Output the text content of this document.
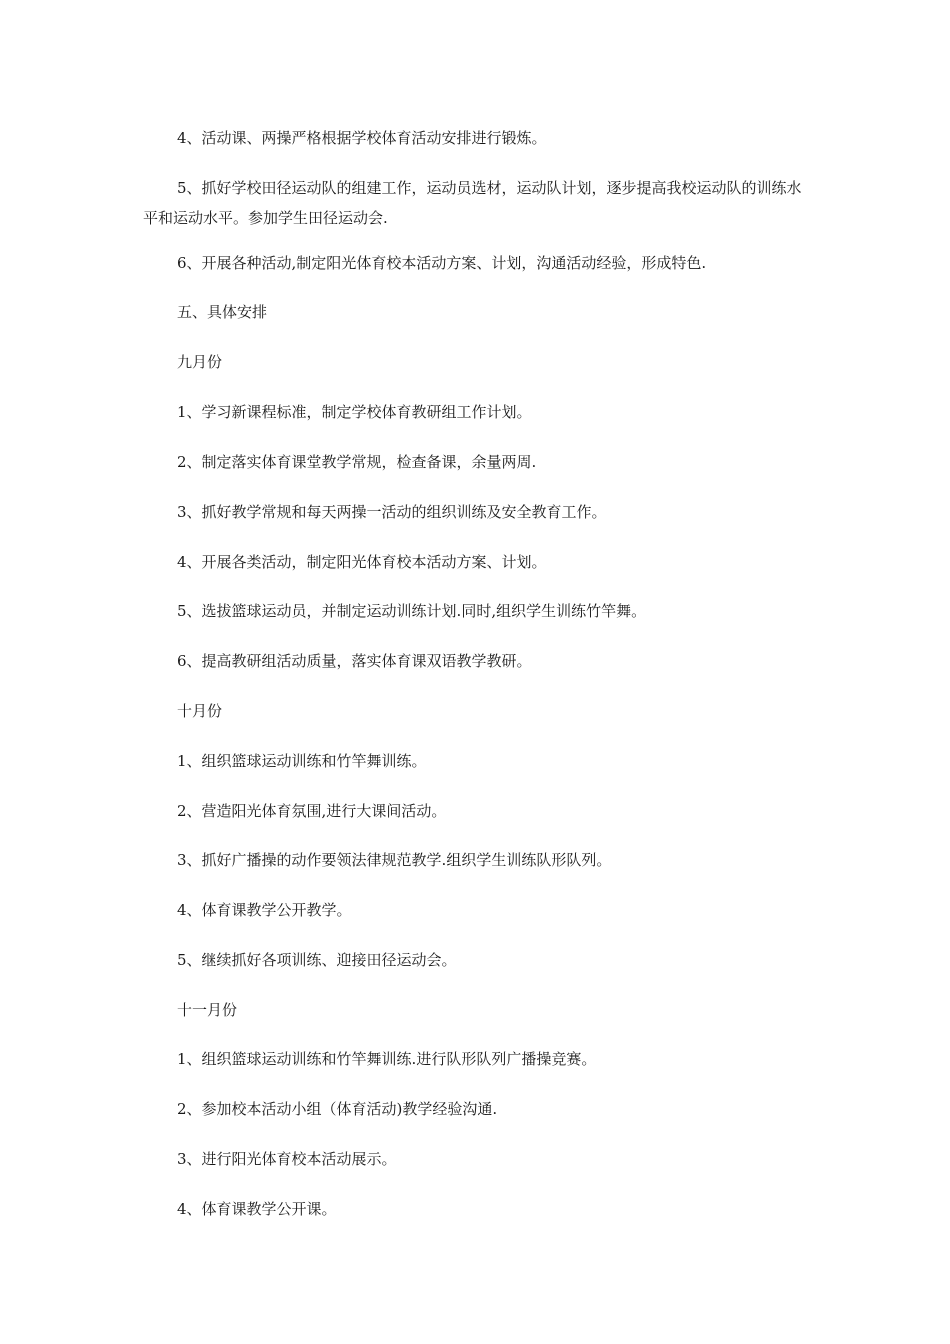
4、活动课、两操严格根据学校体育活动安排进行锻炼。

5、抓好学校田径运动队的组建工作，运动员选材，运动队计划，逐步提高我校运动队的训练水平和运动水平。参加学生田径运动会.

6、开展各种活动,制定阳光体育校本活动方案、计划，沟通活动经验，形成特色.

五、具体安排

九月份

1、学习新课程标准，制定学校体育教研组工作计划。

2、制定落实体育课堂教学常规，检查备课，余量两周.

3、抓好教学常规和每天两操一活动的组织训练及安全教育工作。

4、开展各类活动，制定阳光体育校本活动方案、计划。

5、选拔篮球运动员，并制定运动训练计划.同时,组织学生训练竹竿舞。

6、提高教研组活动质量，落实体育课双语教学教研。

十月份

1、组织篮球运动训练和竹竿舞训练。

2、营造阳光体育氛围,进行大课间活动。

3、抓好广播操的动作要领法律规范教学.组织学生训练队形队列。

4、体育课教学公开教学。

5、继续抓好各项训练、迎接田径运动会。

十一月份

1、组织篮球运动训练和竹竿舞训练.进行队形队列广播操竞赛。

2、参加校本活动小组（体育活动)教学经验沟通.

3、进行阳光体育校本活动展示。

4、体育课教学公开课。
